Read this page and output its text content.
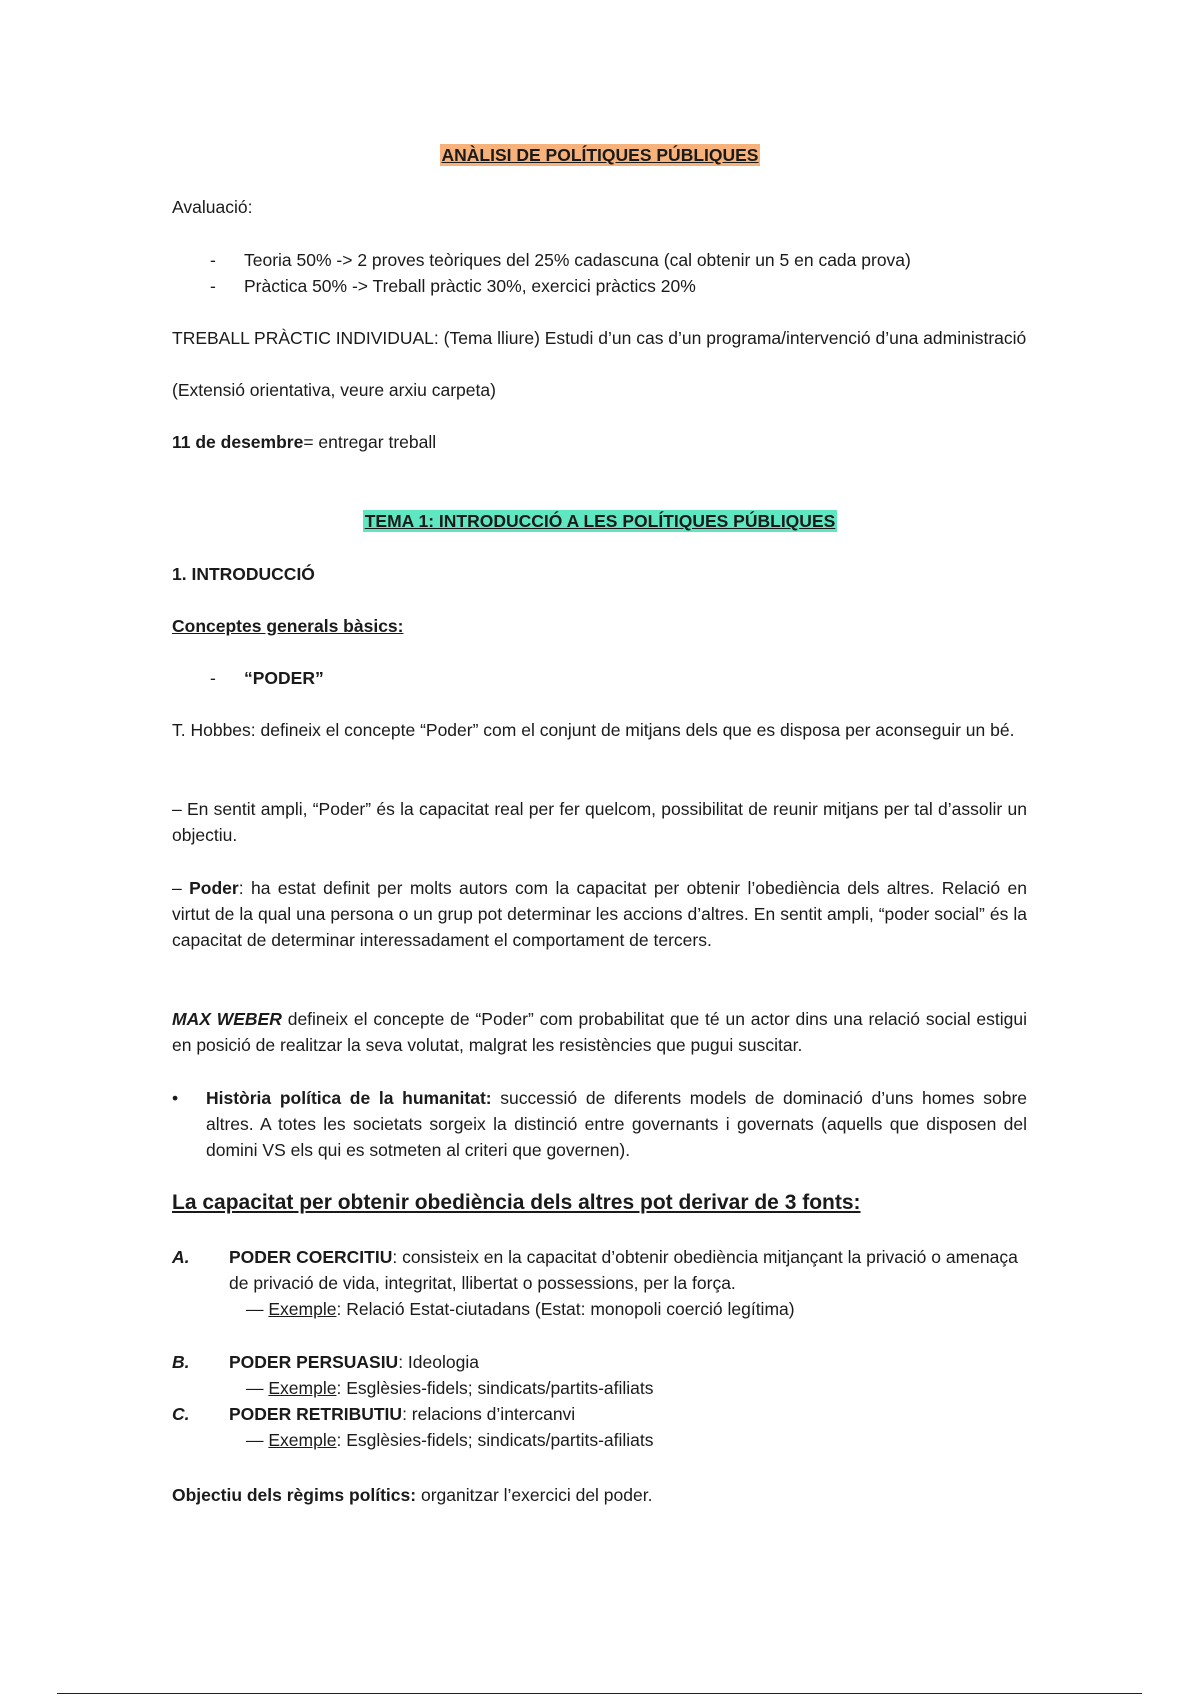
ANÀLISI DE POLÍTIQUES PÚBLIQUES
Avaluació:
- Teoria 50% -> 2 proves teòriques del 25% cadascuna (cal obtenir un 5 en cada prova)
- Pràctica 50% -> Treball pràctic 30%, exercici pràctics 20%
TREBALL PRÀCTIC INDIVIDUAL: (Tema lliure) Estudi d’un cas d’un programa/intervenció d’una administració
(Extensió orientativa, veure arxiu carpeta)
11 de desembre= entregar treball
TEMA 1: INTRODUCCIÓ A LES POLÍTIQUES PÚBLIQUES
1. INTRODUCCIÓ
Conceptes generals bàsics:
- “PODER”
T. Hobbes: defineix el concepte “Poder” com el conjunt de mitjans dels que es disposa per aconseguir un bé.
– En sentit ampli, “Poder” és la capacitat real per fer quelcom, possibilitat de reunir mitjans per tal d’assolir un objectiu.
– Poder: ha estat definit per molts autors com la capacitat per obtenir l’obediència dels altres. Relació en virtut de la qual una persona o un grup pot determinar les accions d’altres. En sentit ampli, “poder social” és la capacitat de determinar interessadament el comportament de tercers.
MAX WEBER defineix el concepte de “Poder” com probabilitat que té un actor dins una relació social estigui en posició de realitzar la seva volutat, malgrat les resistències que pugui suscitar.
•	Història política de la humanitat: successió de diferents models de dominació d’uns homes sobre altres. A totes les societats sorgeix la distinció entre governants i governats (aquells que disposen del domini VS els qui es sotmeten al criteri que governen).
La capacitat per obtenir obediència dels altres pot derivar de 3 fonts:
A. PODER COERCITIU: consisteix en la capacitat d’obtenir obediència mitjançant la privació o amenaça de privació de vida, integritat, llibertat o possessions, per la força.
— Exemple: Relació Estat-ciutadans (Estat: monopoli coerció legítima)
B. PODER PERSUASIU: Ideologia
— Exemple: Esglèsies-fidels; sindicats/partits-afiliats
C. PODER RETRIBUTIU: relacions d’intercanvi
— Exemple: Esglèsies-fidels; sindicats/partits-afiliats
Objectiu dels règims polítics: organitzar l’exercici del poder.
